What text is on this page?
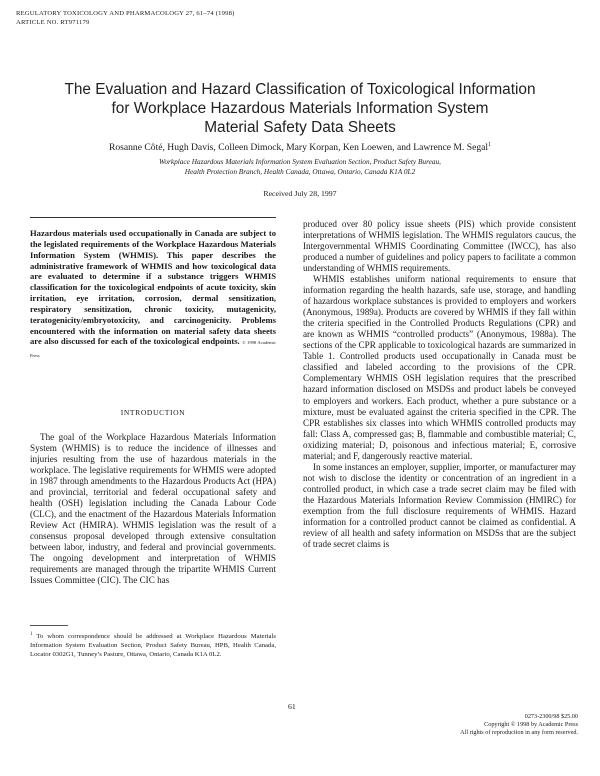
REGULATORY TOXICOLOGY AND PHARMACOLOGY 27, 61–74 (1998)
ARTICLE NO. RT971179
The Evaluation and Hazard Classification of Toxicological Information
for Workplace Hazardous Materials Information System
Material Safety Data Sheets
Rosanne Côté, Hugh Davis, Colleen Dimock, Mary Korpan, Ken Loewen, and Lawrence M. Segal$^1$
Workplace Hazardous Materials Information System Evaluation Section, Product Safety Bureau,
Health Protection Branch, Health Canada, Ottawa, Ontario, Canada K1A 0L2
Received July 28, 1997
Hazardous materials used occupationally in Canada are subject to the legislated requirements of the Workplace Hazardous Materials Information System (WHMIS). This paper describes the administrative framework of WHMIS and how toxicological data are evaluated to determine if a substance triggers WHMIS classification for the toxicological endpoints of acute toxicity, skin irritation, eye irritation, corrosion, dermal sensitization, respiratory sensitization, chronic toxicity, mutagenicity, teratogenicity/embryotoxicity, and carcinogenicity. Problems encountered with the information on material safety data sheets are also discussed for each of the toxicological endpoints. © 1998 Academic Press
INTRODUCTION

The goal of the Workplace Hazardous Materials Information System (WHMIS) is to reduce the incidence of illnesses and injuries resulting from the use of hazardous materials in the workplace. The legislative requirements for WHMIS were adopted in 1987 through amendments to the Hazardous Products Act (HPA) and provincial, territorial and federal occupational safety and health (OSH) legislation including the Canada Labour Code (CLC), and the enactment of the Hazardous Materials Information Review Act (HMIRA). WHMIS legislation was the result of a consensus proposal developed through extensive consultation between labor, industry, and federal and provincial governments. The ongoing development and interpretation of WHMIS requirements are managed through the tripartite WHMIS Current Issues Committee (CIC). The CIC has

produced over 80 policy issue sheets (PIS) which provide consistent interpretations of WHMIS legislation. The WHMIS regulators caucus, the Intergovernmental WHMIS Coordinating Committee (IWCC), has also produced a number of guidelines and policy papers to facilitate a common understanding of WHMIS requirements.

WHMIS establishes uniform national requirements to ensure that information regarding the health hazards, safe use, storage, and handling of hazardous workplace substances is provided to employers and workers (Anonymous, 1989a). Products are covered by WHMIS if they fall within the criteria specified in the Controlled Products Regulations (CPR) and are known as WHMIS “controlled products” (Anonymous, 1988a). The sections of the CPR applicable to toxicological hazards are summarized in Table 1. Controlled products used occupationally in Canada must be classified and labeled according to the provisions of the CPR. Complementary WHMIS OSH legislation requires that the prescribed hazard information disclosed on MSDSs and product labels be conveyed to employers and workers. Each product, whether a pure substance or a mixture, must be evaluated against the criteria specified in the CPR. The CPR establishes six classes into which WHMIS controlled products may fall: Class A, compressed gas; B, flammable and combustible material; C, oxidizing material; D, poisonous and infectious material; E, corrosive material; and F, dangerously reactive material.

In some instances an employer, supplier, importer, or manufacturer may not wish to disclose the identity or concentration of an ingredient in a controlled product, in which case a trade secret claim may be filed with the Hazardous Materials Information Review Commission (HMIRC) for exemption from the full disclosure requirements of WHMIS. Hazard information for a controlled product cannot be claimed as confidential. A review of all health and safety information on MSDSs that are the subject of trade secret claims is

$^1$ To whom correspondence should be addressed at Workplace Hazardous Materials Information System Evaluation Section, Product Safety Bureau, HPB, Health Canada, Locator 0302G1, Tunney’s Pasture, Ottawa, Ontario, Canada K1A 0L2.
61
0273-2300/98 $25.00
Copyright © 1998 by Academic Press
All rights of reproduction in any form reserved.
